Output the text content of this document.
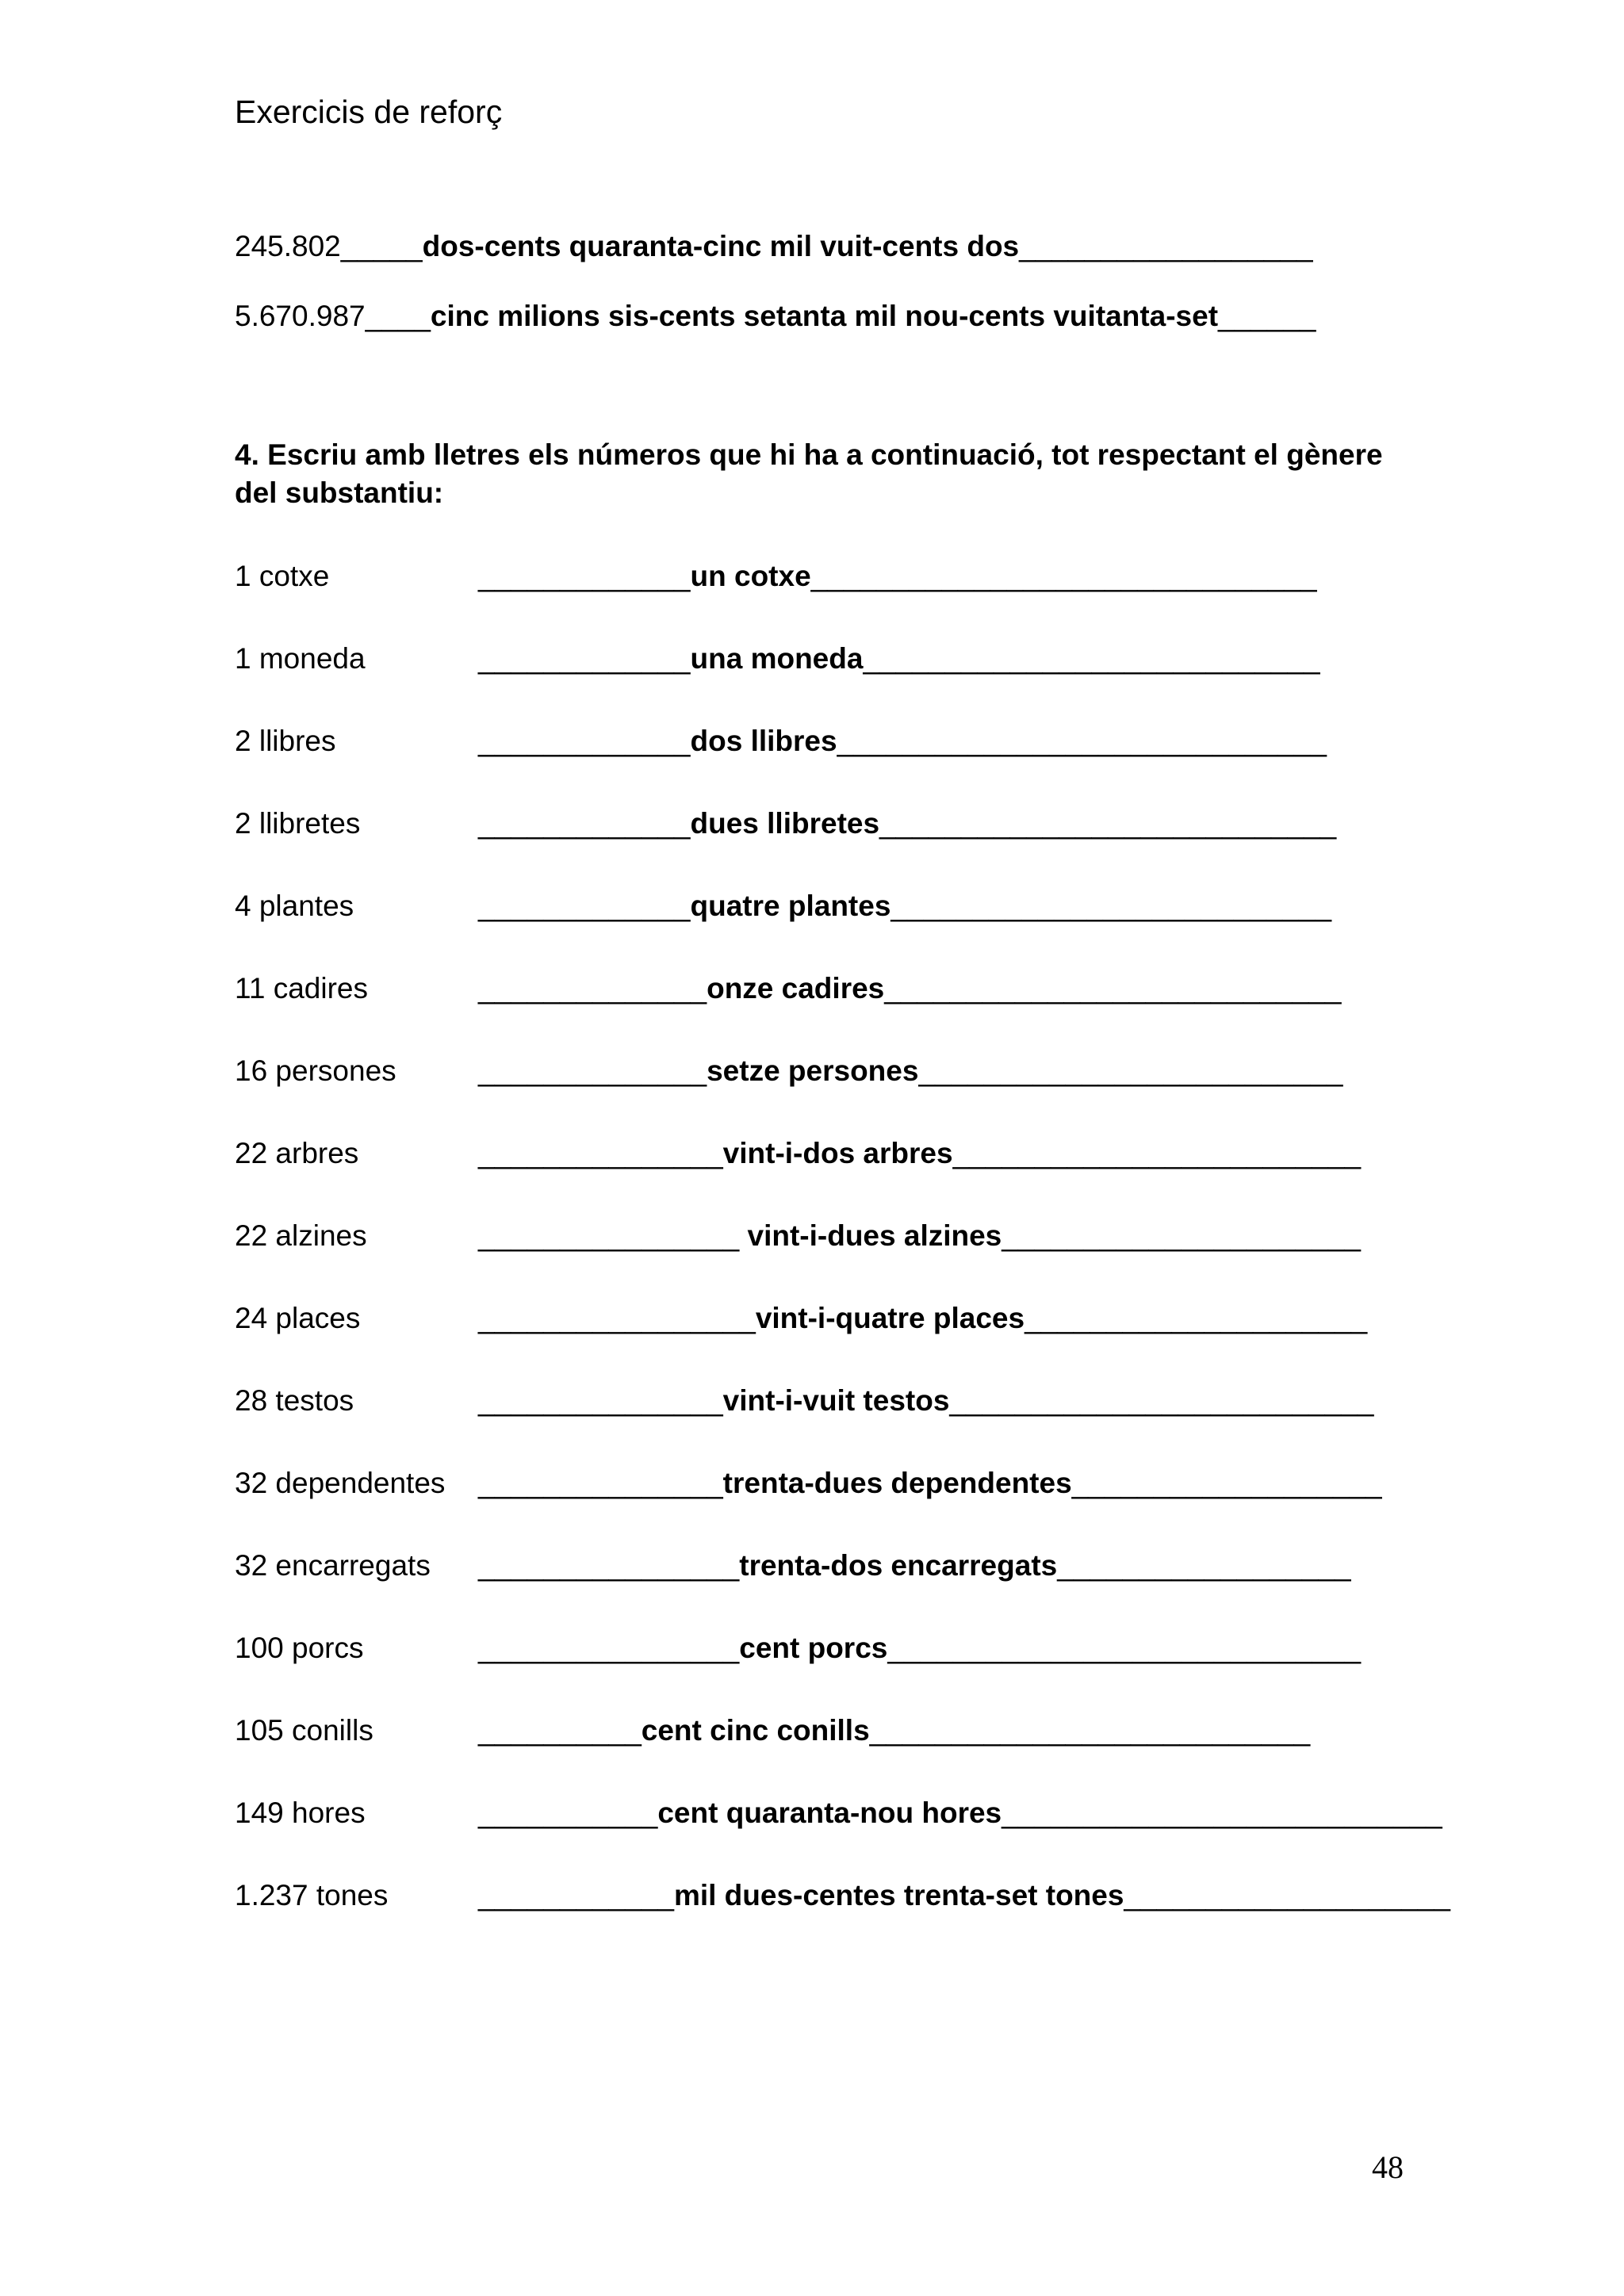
Exercicis de reforç
245.802_____dos-cents quaranta-cinc mil vuit-cents dos__________________
5.670.987____cinc milions sis-cents setanta mil nou-cents vuitanta-set______
4. Escriu amb lletres els números que hi ha a continuació, tot respectant el gènere del substantiu:
1 cotxe	_____________un cotxe_______________________________
1 moneda	_____________una moneda____________________________
2 llibres	_____________dos llibres______________________________
2 llibretes	_____________dues llibretes____________________________
4 plantes	_____________quatre plantes___________________________
11 cadires	______________onze cadires____________________________
16 persones	______________setze persones__________________________
22 arbres	_______________vint-i-dos arbres_________________________
22 alzines	________________ vint-i-dues alzines______________________
24 places	_________________vint-i-quatre places_____________________
28 testos	_______________vint-i-vuit testos__________________________
32 dependentes _______________trenta-dues dependentes___________________
32 encarregats ________________trenta-dos encarregats__________________
100 porcs	________________cent porcs_____________________________
105 conills	__________cent cinc conills___________________________
149 hores	___________cent quaranta-nou hores___________________________
1.237 tones	____________mil dues-centes trenta-set tones____________________
48
